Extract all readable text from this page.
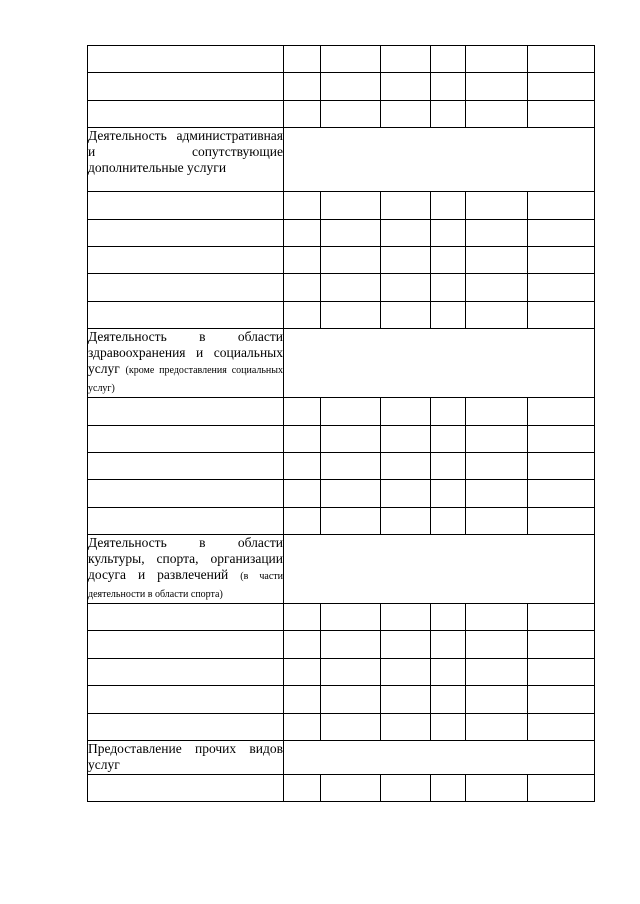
Деятельность административная и сопутствующие дополнительные услуги						

Деятельность в области здравоохранения и социальных услуг (кроме предоставления социальных услуг)						

Деятельность в области культуры, спорта, организации досуга и развлечений (в части деятельности в области спорта)						

Предоставление прочих видов услуг						
